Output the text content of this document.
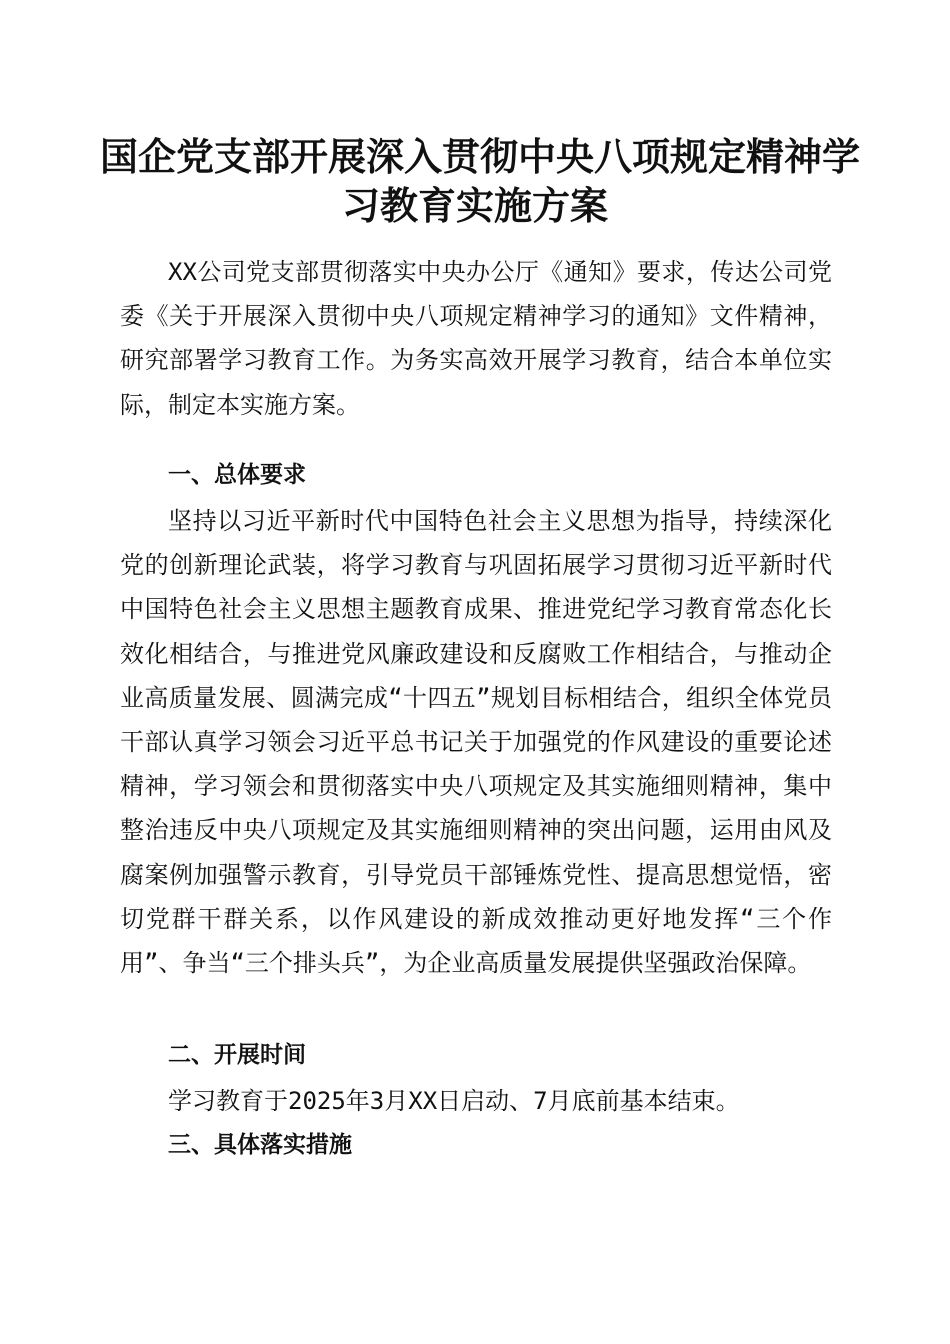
国企党支部开展深入贯彻中央八项规定精神学
习教育实施方案

XX公司党支部贯彻落实中央办公厅《通知》要求，传达公司党委《关于开展深入贯彻中央八项规定精神学习的通知》文件精神，研究部署学习教育工作。为务实高效开展学习教育，结合本单位实际，制定本实施方案。

一、总体要求

坚持以习近平新时代中国特色社会主义思想为指导，持续深化党的创新理论武装，将学习教育与巩固拓展学习贯彻习近平新时代中国特色社会主义思想主题教育成果、推进党纪学习教育常态化长效化相结合，与推进党风廉政建设和反腐败工作相结合，与推动企业高质量发展、圆满完成“十四五”规划目标相结合，组织全体党员干部认真学习领会习近平总书记关于加强党的作风建设的重要论述精神，学习领会和贯彻落实中央八项规定及其实施细则精神，集中整治违反中央八项规定及其实施细则精神的突出问题，运用由风及腐案例加强警示教育，引导党员干部锤炼党性、提高思想觉悟，密切党群干群关系，以作风建设的新成效推动更好地发挥“三个作用”、争当“三个排头兵”，为企业高质量发展提供坚强政治保障。

二、开展时间

学习教育于2025年3月XX日启动、7月底前基本结束。

三、具体落实措施
